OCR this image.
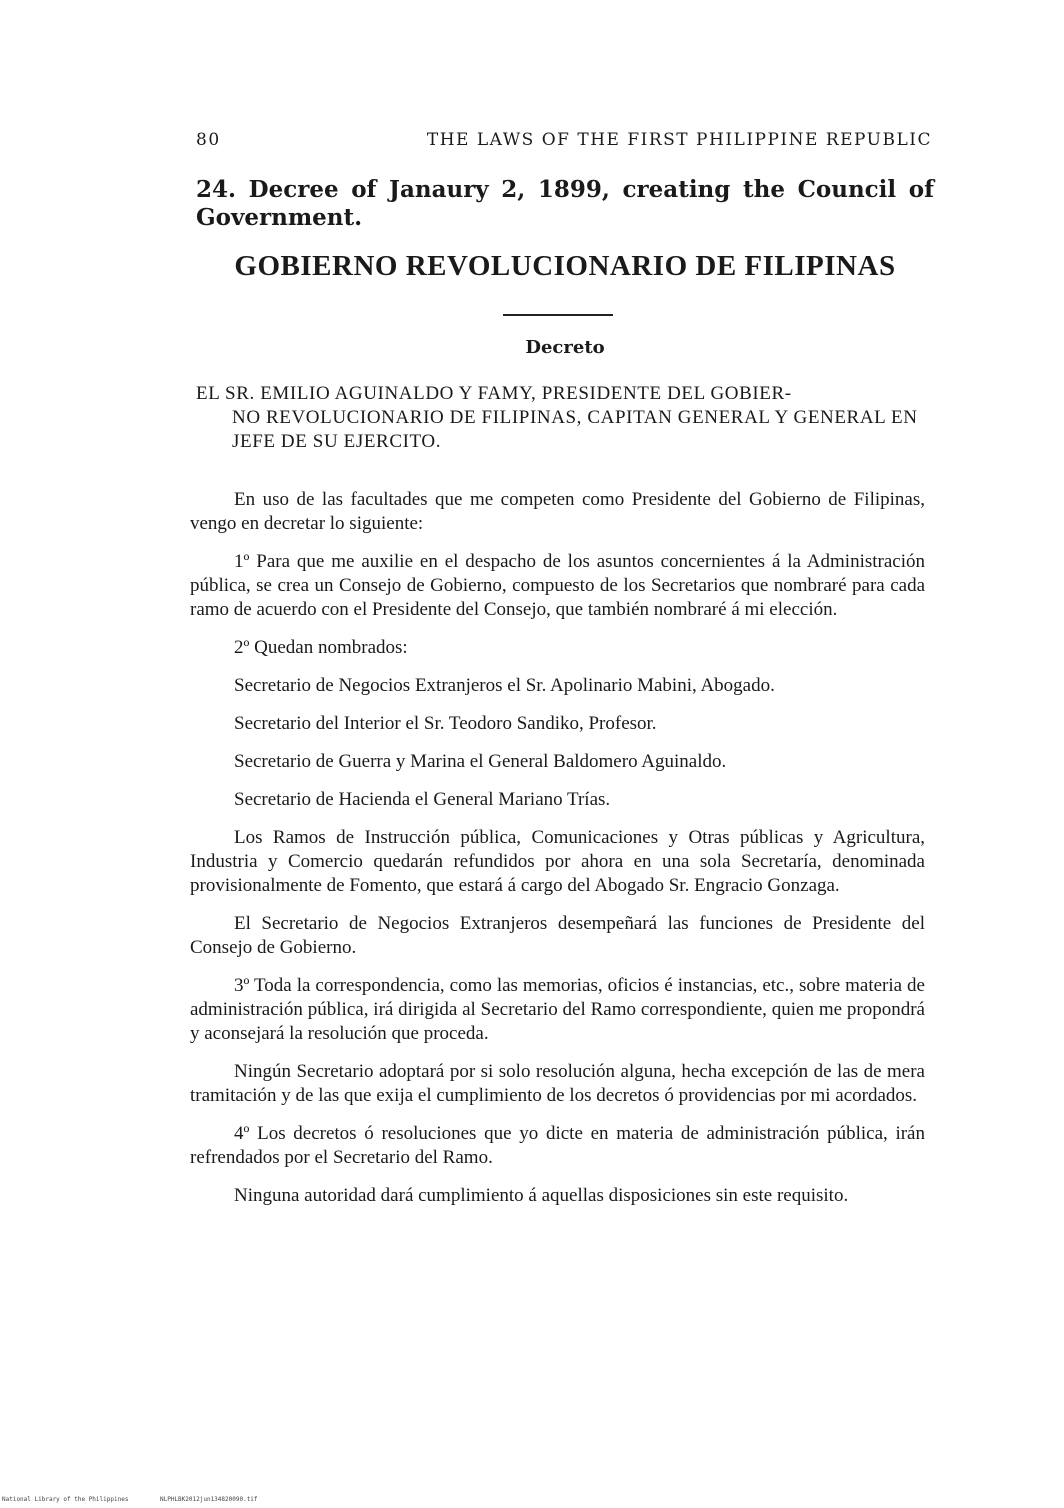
80	THE LAWS OF THE FIRST PHILIPPINE REPUBLIC
24. Decree of Janaury 2, 1899, creating the Council of Government.
GOBIERNO REVOLUCIONARIO DE FILIPINAS
Decreto
EL SR. EMILIO AGUINALDO Y FAMY, PRESIDENTE DEL GOBIER-
NO REVOLUCIONARIO DE FILIPINAS, CAPITAN GENERAL Y GENERAL EN JEFE DE SU EJERCITO.

En uso de las facultades que me competen como Presidente del Gobierno de Filipinas, vengo en decretar lo siguiente:

1º Para que me auxilie en el despacho de los asuntos concernientes á la Administración pública, se crea un Consejo de Gobierno, compuesto de los Secretarios que nombraré para cada ramo de acuerdo con el Presidente del Consejo, que también nombraré á mi elección.

2º Quedan nombrados:

Secretario de Negocios Extranjeros el Sr. Apolinario Mabini, Abogado.

Secretario del Interior el Sr. Teodoro Sandiko, Profesor.

Secretario de Guerra y Marina el General Baldomero Aguinaldo.

Secretario de Hacienda el General Mariano Trías.

Los Ramos de Instrucción pública, Comunicaciones y Otras públicas y Agricultura, Industria y Comercio quedarán refundidos por ahora en una sola Secretaría, denominada provisionalmente de Fomento, que estará á cargo del Abogado Sr. Engracio Gonzaga.

El Secretario de Negocios Extranjeros desempeñará las funciones de Presidente del Consejo de Gobierno.

3º Toda la correspondencia, como las memorias, oficios é instancias, etc., sobre materia de administración pública, irá dirigida al Secretario del Ramo correspondiente, quien me propondrá y aconsejará la resolución que proceda.

Ningún Secretario adoptará por si solo resolución alguna, hecha excepción de las de mera tramitación y de las que exija el cumplimiento de los decretos ó providencias por mi acordados.

4º Los decretos ó resoluciones que yo dicte en materia de administración pública, irán refrendados por el Secretario del Ramo.

Ninguna autoridad dará cumplimiento á aquellas disposiciones sin este requisito.

National Library of the Philippines	NLPHLBK2012jun134820090.tif
